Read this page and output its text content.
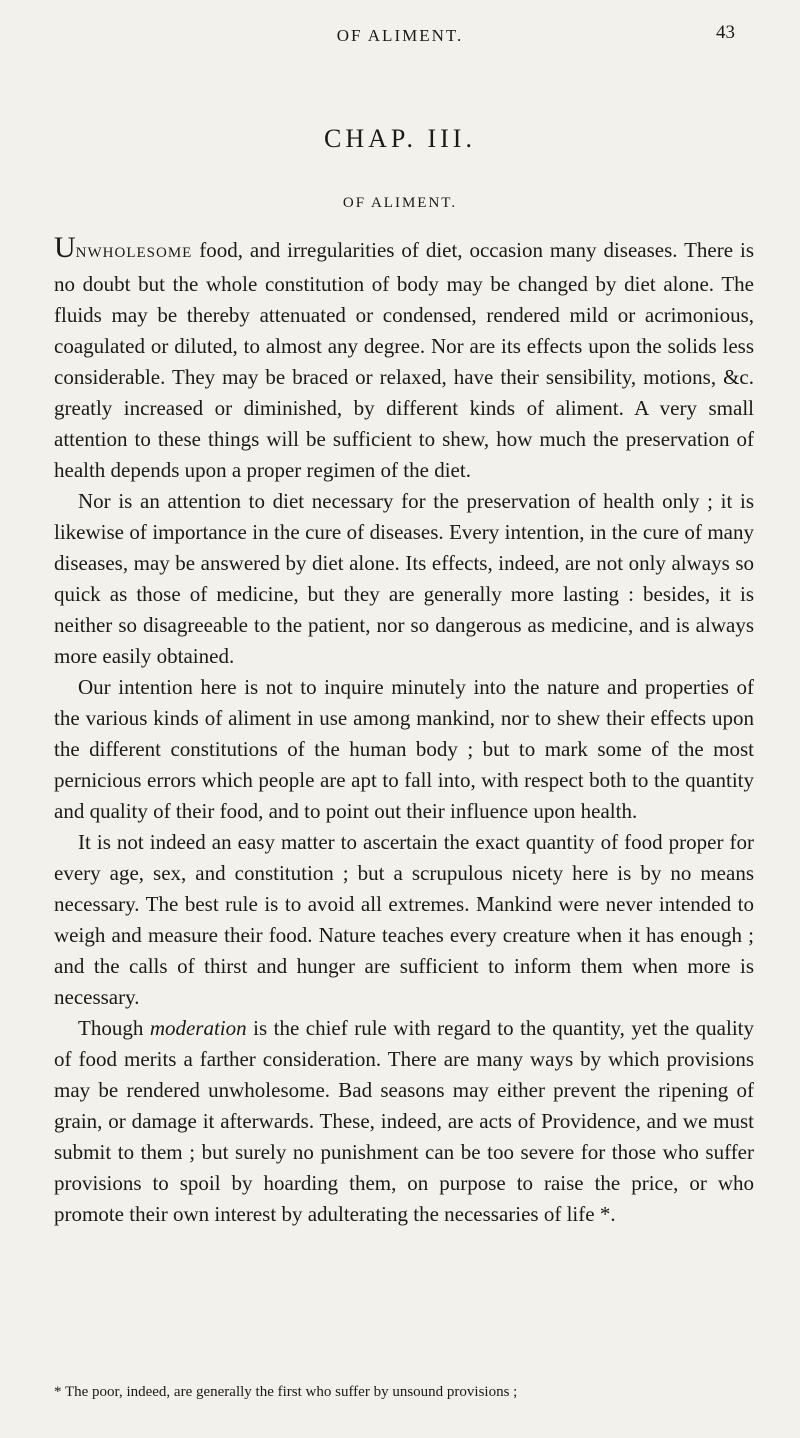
OF ALIMENT.	43
CHAP. III.
OF ALIMENT.

UNWHOLESOME food, and irregularities of diet, occasion many diseases. There is no doubt but the whole constitution of body may be changed by diet alone. The fluids may be thereby attenuated or condensed, rendered mild or acrimonious, coagulated or diluted, to almost any degree. Nor are its effects upon the solids less considerable. They may be braced or relaxed, have their sensibility, motions, &c. greatly increased or diminished, by different kinds of aliment. A very small attention to these things will be sufficient to shew, how much the preservation of health depends upon a proper regimen of the diet.

Nor is an attention to diet necessary for the preservation of health only ; it is likewise of importance in the cure of diseases. Every intention, in the cure of many diseases, may be answered by diet alone. Its effects, indeed, are not only always so quick as those of medicine, but they are generally more lasting : besides, it is neither so disagreeable to the patient, nor so dangerous as medicine, and is always more easily obtained.

Our intention here is not to inquire minutely into the nature and properties of the various kinds of aliment in use among mankind, nor to shew their effects upon the different constitutions of the human body ; but to mark some of the most pernicious errors which people are apt to fall into, with respect both to the quantity and quality of their food, and to point out their influence upon health.

It is not indeed an easy matter to ascertain the exact quantity of food proper for every age, sex, and constitution ; but a scrupulous nicety here is by no means necessary. The best rule is to avoid all extremes. Mankind were never intended to weigh and measure their food. Nature teaches every creature when it has enough ; and the calls of thirst and hunger are sufficient to inform them when more is necessary.

Though moderation is the chief rule with regard to the quantity, yet the quality of food merits a farther consideration. There are many ways by which provisions may be rendered unwholesome. Bad seasons may either prevent the ripening of grain, or damage it afterwards. These, indeed, are acts of Providence, and we must submit to them ; but surely no punishment can be too severe for those who suffer provisions to spoil by hoarding them, on purpose to raise the price, or who promote their own interest by adulterating the necessaries of life *.

* The poor, indeed, are generally the first who suffer by unsound provisions ;
